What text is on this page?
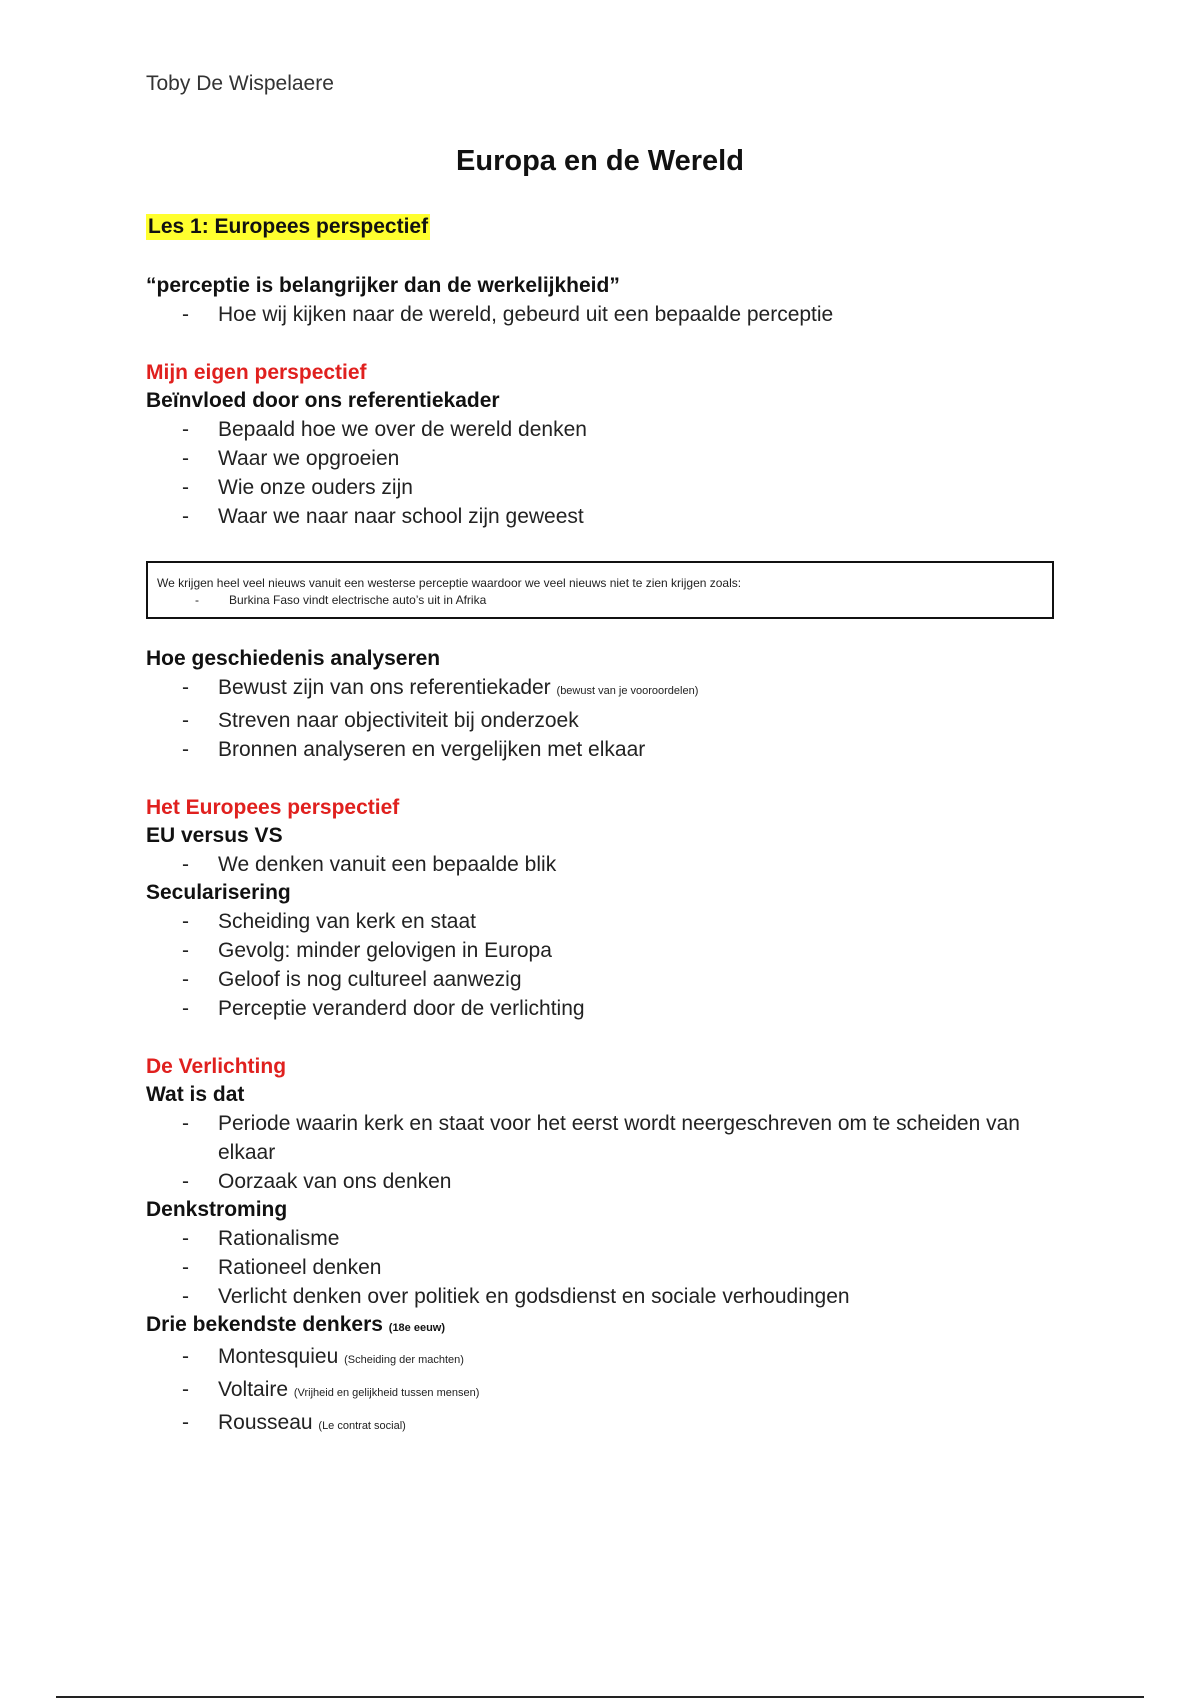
Toby De Wispelaere
Europa en de Wereld
Les 1: Europees perspectief
“perceptie is belangrijker dan de werkelijkheid”
- Hoe wij kijken naar de wereld, gebeurd uit een bepaalde perceptie
Mijn eigen perspectief
Beïnvloed door ons referentiekader
- Bepaald hoe we over de wereld denken
- Waar we opgroeien
- Wie onze ouders zijn
- Waar we naar naar school zijn geweest
We krijgen heel veel nieuws vanuit een westerse perceptie waardoor we veel nieuws niet te zien krijgen zoals:
-	Burkina Faso vindt electrische auto’s uit in Afrika
Hoe geschiedenis analyseren
- Bewust zijn van ons referentiekader (bewust van je vooroordelen)
- Streven naar objectiviteit bij onderzoek
- Bronnen analyseren en vergelijken met elkaar
Het Europees perspectief
EU versus VS
- We denken vanuit een bepaalde blik
Secularisering
- Scheiding van kerk en staat
- Gevolg: minder gelovigen in Europa
- Geloof is nog cultureel aanwezig
- Perceptie veranderd door de verlichting
De Verlichting
Wat is dat
- Periode waarin kerk en staat voor het eerst wordt neergeschreven om te scheiden van elkaar
- Oorzaak van ons denken
Denkstroming
- Rationalisme
- Rationeel denken
- Verlicht denken over politiek en godsdienst en sociale verhoudingen
Drie bekendste denkers (18e eeuw)
- Montesquieu (Scheiding der machten)
- Voltaire (Vrijheid en gelijkheid tussen mensen)
- Rousseau (Le contrat social)
